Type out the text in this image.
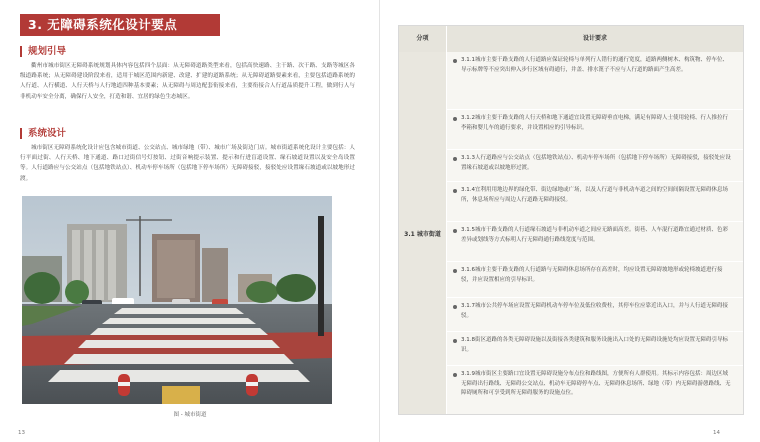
3. 无障碍系统化设计要点
规划引导
衢州市城市街区无障碍系统规划具体内容包括四个层面：从无障碍道路类型来看，包括高快速路、主干路、次干路、支路等城区各级道路系统；从无障碍建设阶段来看，适用于城区范围内新建、改建、扩建的道路系统；从无障碍道路要素来看，主要包括道路系统的人行道、人行横道、人行天桥与人行地道四种基本要素；从无障碍与周边配套衔接来看，主要衔接合人行道品质提升工程，做到行人与非机动车安全分离，确保行人安全，打造和谐、宜居的绿色生态城区。
系统设计
城市街区无障碍系统化设计应包含城市街道、公交站点、城市绿地（带）、城市广场及街边门店。城市街道系统化设计主要包括：人行平面过街、人行天桥、地下通道、路口过街信号灯按钮、过街音响提示装置、提示和行进盲道设置、缘石坡道设置以及安全岛设置等。人行道路应与公交站点（包括地铁站点）、机动车停车场所（包括地下停车场所）无障碍接驳，接驳处应设置缘石坡道或以坡地形过渡。
图 - 城市街道
13	14
分项	设计要求
3.1 城市街道
3.1.1城市主要干路支路的人行道路应保证轮椅与单列行人错行的通行宽度，道路两侧树木、构筑物、停车位、导示标牌等不应突出伸入步行区域有碍通行，井盖、排水篦子不应与人行道的路面产生高差。
3.1.2城市主要干路支路的人行天桥和地下通道宜设置无障碍垂直电梯，满足有障碍人士使用轮椅、行人推拉行李箱和婴儿车的通行要求，并设置相应的引导标识。
3.1.3人行道路应与公交站点（包括地铁站点）、机动车停车场所（包括地下停车场所）无障碍接驳，接驳处应设置缘石坡道或以坡地形过渡。
3.1.4宜利用用地边界的绿化带、街边绿地或广场，以及人行道与非机动车道之间的空间间隔设置无障碍休息场所，休息场所应与周边人行道路无障碍接驳。
3.1.5城市干路支路的人行道缘石坡道与非机动车道之间应无路面高差。街巷、人车混行道路宜通过材质、色彩差异或划线等方式标明人行无障碍通行路线宽度与范围。
3.1.6城市主要干路支路的人行道路与无障碍休息场所存在高差时，均应设置无障碍坡地形或轮椅坡道进行接驳，并应设置相应的引导标识。
3.1.7城市公共停车场应设置无障碍机动车停车位及低位收费柱，其停车位应靠近出入口，并与人行道无障碍接驳。
3.1.8街区道路的各类无障碍设施以及街接各类建筑和服务设施出入口处的无障碍设施处均应设置无障碍引导标识。
3.1.9城市街区主要路口宜设置无障碍设施分布点位和路线图，方便所有人群使用。其标示内容包括：周边区域无障碍出行路线、无障碍公交站点、机动车无障碍停车点、无障碍休息场所、绿地（带）内无障碍游憩路线、无障碍厕所和可享受到所无障碍服务的设施点位。
